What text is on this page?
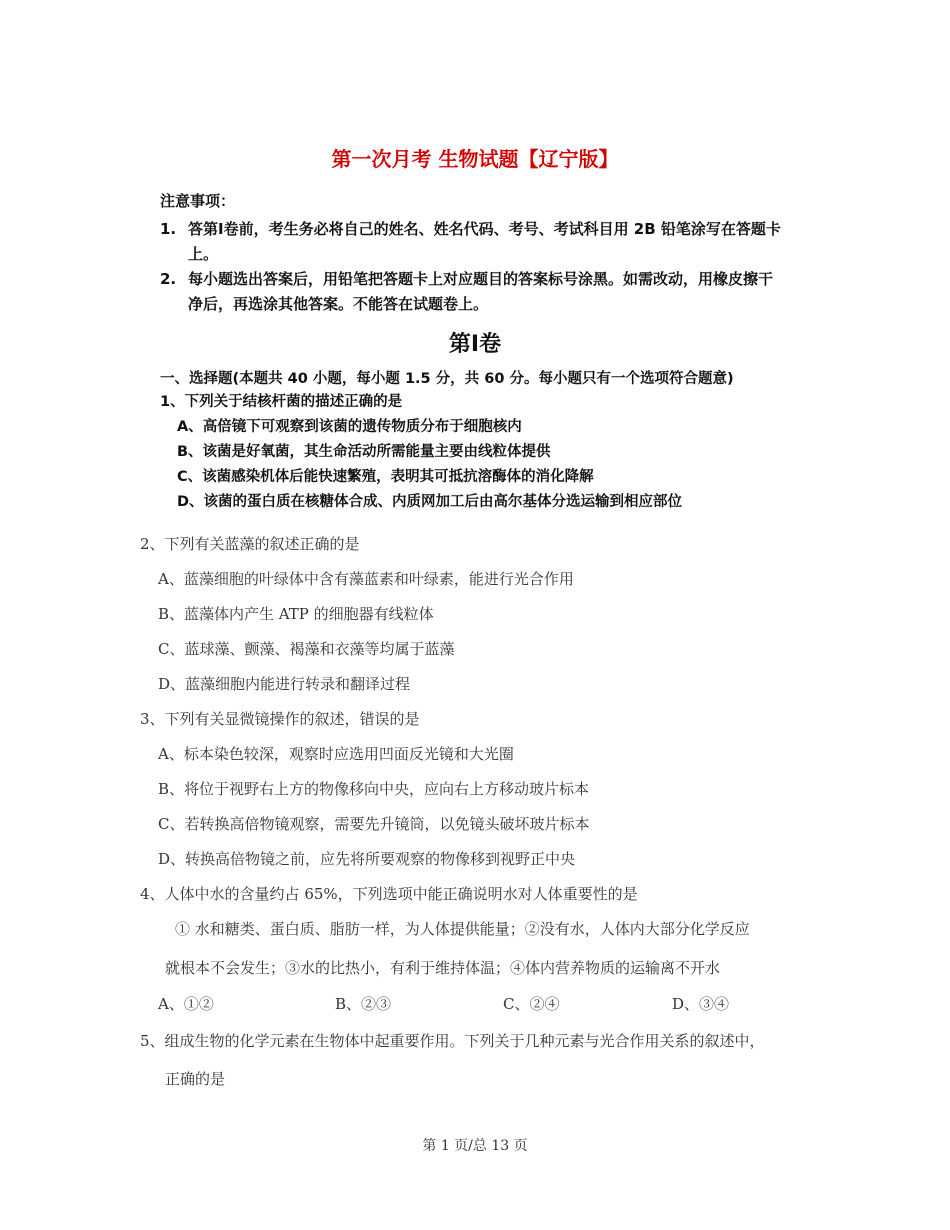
第一次月考 生物试题【辽宁版】
注意事项：
1. 答第Ⅰ卷前，考生务必将自己的姓名、姓名代码、考号、考试科目用 2B 铅笔涂写在答题卡
上。
2. 每小题选出答案后，用铅笔把答题卡上对应题目的答案标号涂黑。如需改动，用橡皮擦干
净后，再选涂其他答案。不能答在试题卷上。
第Ⅰ卷
一、选择题(本题共 40 小题，每小题 1.5 分，共 60 分。每小题只有一个选项符合题意)
1、下列关于结核杆菌的描述正确的是
A、高倍镜下可观察到该菌的遗传物质分布于细胞核内
B、该菌是好氧菌，其生命活动所需能量主要由线粒体提供
C、该菌感染机体后能快速繁殖，表明其可抵抗溶酶体的消化降解
D、该菌的蛋白质在核糖体合成、内质网加工后由高尔基体分选运输到相应部位
2、下列有关蓝藻的叙述正确的是
A、蓝藻细胞的叶绿体中含有藻蓝素和叶绿素，能进行光合作用
B、蓝藻体内产生 ATP 的细胞器有线粒体
C、蓝球藻、颤藻、褐藻和衣藻等均属于蓝藻
D、蓝藻细胞内能进行转录和翻译过程
3、下列有关显微镜操作的叙述，错误的是
A、标本染色较深，观察时应选用凹面反光镜和大光圈
B、将位于视野右上方的物像移向中央，应向右上方移动玻片标本
C、若转换高倍物镜观察，需要先升镜筒，以免镜头破坏玻片标本
D、转换高倍物镜之前，应先将所要观察的物像移到视野正中央
4、人体中水的含量约占 65%，下列选项中能正确说明水对人体重要性的是
① 水和糖类、蛋白质、脂肪一样，为人体提供能量；②没有水，人体内大部分化学反应
就根本不会发生；③水的比热小，有利于维持体温；④体内营养物质的运输离不开水
A、①②	B、②③	C、②④	D、③④
5、组成生物的化学元素在生物体中起重要作用。下列关于几种元素与光合作用关系的叙述中，
正确的是
第 1 页/总 13 页
